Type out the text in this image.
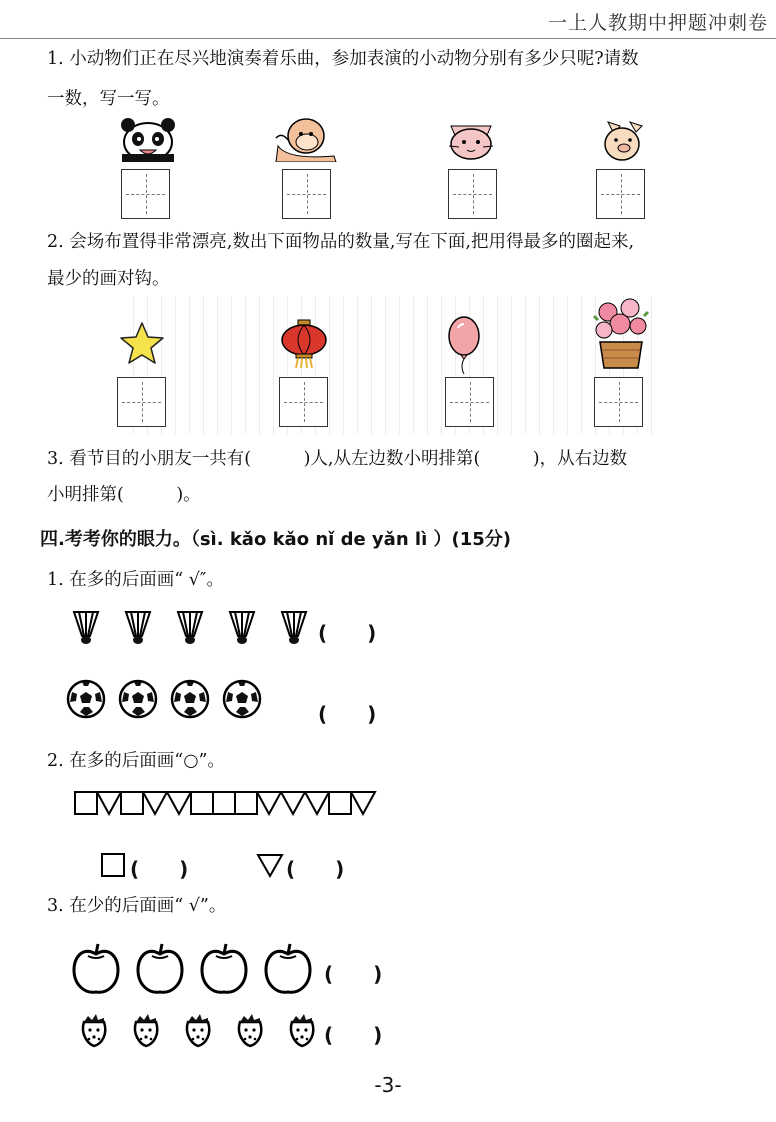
一上人教期中押题冲刺卷
1. 小动物们正在尽兴地演奏着乐曲，参加表演的小动物分别有多少只呢?请数
一数，写一写。
2. 会场布置得非常漂亮,数出下面物品的数量,写在下面,把用得最多的圈起来,
最少的画对钩。
3. 看节目的小朋友一共有(　　　)人,从左边数小明排第(　　　)，从右边数
小明排第(　　　)。
四.考考你的眼力。（sì. kǎo kǎo nǐ de yǎn lì ）(15分)
1. 在多的后面画“ √″。
(　　)
(　　)
2. 在多的后面画“○”。
(　　)	(　　)
3. 在少的后面画“ √”。
(　　)
(　　)
-3-
